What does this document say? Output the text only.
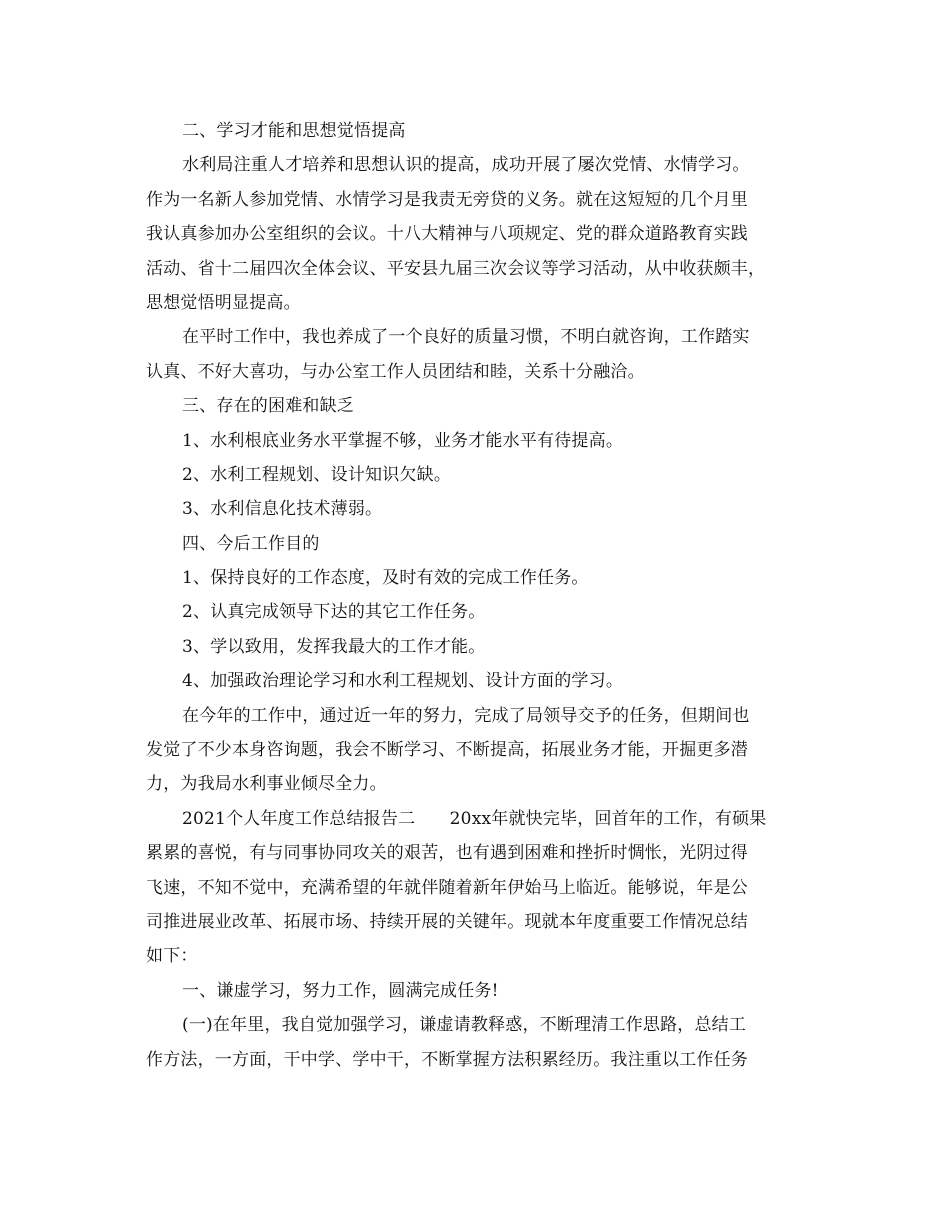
二、学习才能和思想觉悟提高
水利局注重人才培养和思想认识的提高，成功开展了屡次党情、水情学习。
作为一名新人参加党情、水情学习是我责无旁贷的义务。就在这短短的几个月里
我认真参加办公室组织的会议。十八大精神与八项规定、党的群众道路教育实践
活动、省十二届四次全体会议、平安县九届三次会议等学习活动，从中收获颇丰，
思想觉悟明显提高。
在平时工作中，我也养成了一个良好的质量习惯，不明白就咨询，工作踏实
认真、不好大喜功，与办公室工作人员团结和睦，关系十分融洽。
三、存在的困难和缺乏
1、水利根底业务水平掌握不够，业务才能水平有待提高。
2、水利工程规划、设计知识欠缺。
3、水利信息化技术薄弱。
四、今后工作目的
1、保持良好的工作态度，及时有效的完成工作任务。
2、认真完成领导下达的其它工作任务。
3、学以致用，发挥我最大的工作才能。
4、加强政治理论学习和水利工程规划、设计方面的学习。
在今年的工作中，通过近一年的努力，完成了局领导交予的任务，但期间也
发觉了不少本身咨询题，我会不断学习、不断提高，拓展业务才能，开掘更多潜
力，为我局水利事业倾尽全力。
2021个人年度工作总结报告二　　20xx年就快完毕，回首年的工作，有硕果
累累的喜悦，有与同事协同攻关的艰苦，也有遇到困难和挫折时惆怅，光阴过得
飞速，不知不觉中，充满希望的年就伴随着新年伊始马上临近。能够说，年是公
司推进展业改革、拓展市场、持续开展的关键年。现就本年度重要工作情况总结
如下：
一、谦虚学习，努力工作，圆满完成任务!
(一)在年里，我自觉加强学习，谦虚请教释惑，不断理清工作思路，总结工
作方法，一方面，干中学、学中干，不断掌握方法积累经历。我注重以工作任务
